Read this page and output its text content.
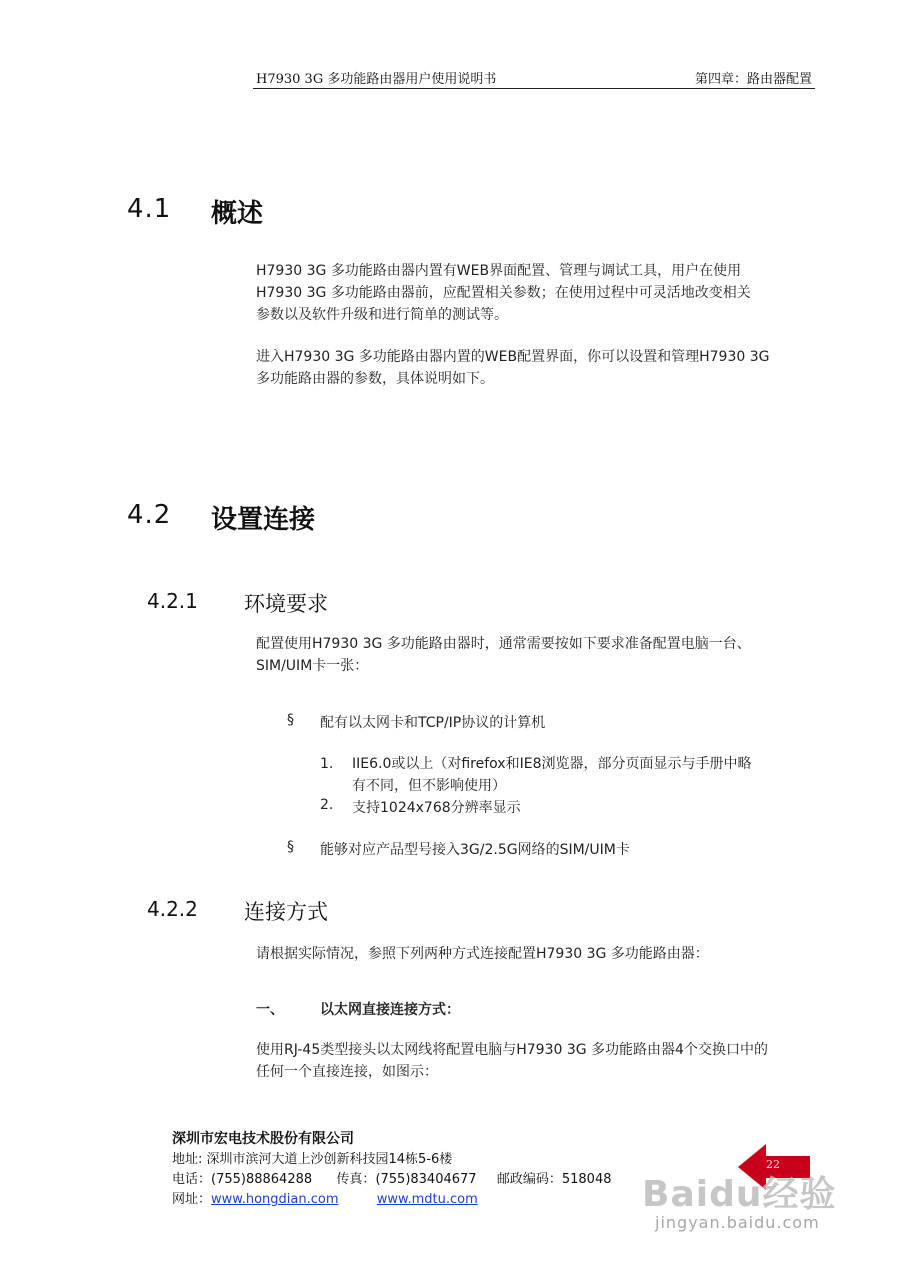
H7930 3G 多功能路由器用户使用说明书	第四章：路由器配置
4.1 概述
H7930 3G 多功能路由器内置有WEB界面配置、管理与调试工具，用户在使用
H7930 3G 多功能路由器前，应配置相关参数；在使用过程中可灵活地改变相关
参数以及软件升级和进行简单的测试等。
进入H7930 3G 多功能路由器内置的WEB配置界面，你可以设置和管理H7930 3G
多功能路由器的参数，具体说明如下。
4.2 设置连接
4.2.1 环境要求
配置使用H7930 3G 多功能路由器时，通常需要按如下要求准备配置电脑一台、
SIM/UIM卡一张：
§ 配有以太网卡和TCP/IP协议的计算机
1. IIE6.0或以上（对firefox和IE8浏览器，部分页面显示与手册中略
有不同，但不影响使用）
2. 支持1024x768分辨率显示
§ 能够对应产品型号接入3G/2.5G网络的SIM/UIM卡
4.2.2 连接方式
请根据实际情况，参照下列两种方式连接配置H7930 3G 多功能路由器：
一、	以太网直接连接方式：
使用RJ-45类型接头以太网线将配置电脑与H7930 3G 多功能路由器4个交换口中的
任何一个直接连接，如图示：
深圳市宏电技术股份有限公司
地址: 深圳市滨河大道上沙创新科技园14栋5-6楼
电话：(755)88864288 传真：(755)83404677 邮政编码：518048
网址：www.hongdian.com	www.mdtu.com
22
Baidu经验
jingyan.baidu.com
